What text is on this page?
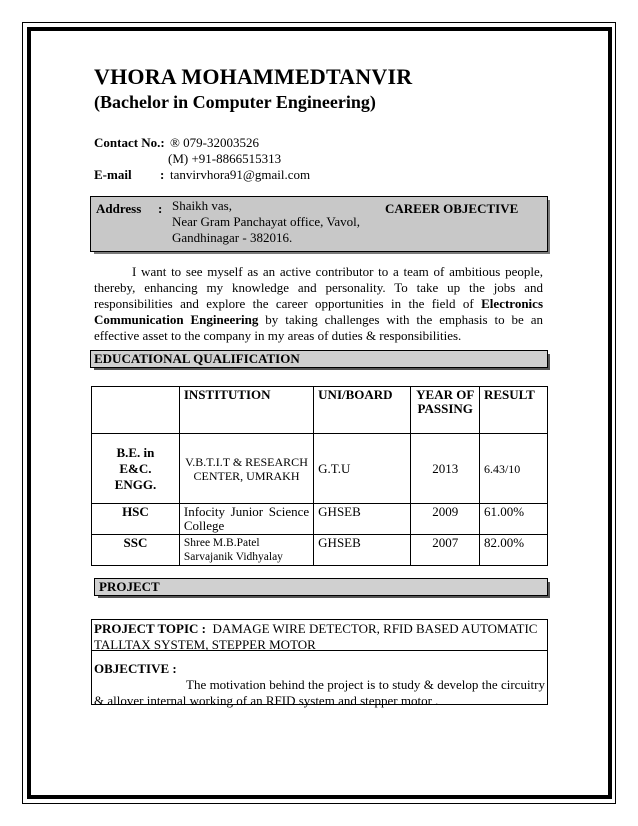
VHORA MOHAMMEDTANVIR
(Bachelor in Computer Engineering)
Contact No.: ® 079-32003526
(M) +91-8866515313
E-mail : tanvirvhora91@gmail.com
Address : Shaikh vas,
Near Gram Panchayat office, Vavol,
Gandhinagar - 382016.
CAREER OBJECTIVE
I want to see myself as an active contributor to a team of ambitious people, thereby, enhancing my knowledge and personality. To take up the jobs and responsibilities and explore the career opportunities in the field of Electronics Communication Engineering by taking challenges with the emphasis to be an effective asset to the company in my areas of duties & responsibilities.
EDUCATIONAL QUALIFICATION
	INSTITUTION	UNI/BOARD	YEAR OF PASSING	RESULT
B.E. in E&C. ENGG.	V.B.T.I.T & RESEARCH CENTER, UMRAKH	G.T.U	2013	6.43/10
HSC	Infocity Junior Science College	GHSEB	2009	61.00%
SSC	Shree M.B.Patel Sarvajanik Vidhyalay	GHSEB	2007	82.00%
PROJECT
PROJECT TOPIC : DAMAGE WIRE DETECTOR, RFID BASED AUTOMATIC TALLTAX SYSTEM, STEPPER MOTOR
OBJECTIVE :
The motivation behind the project is to study & develop the circuitry & allover internal working of an RFID system and stepper motor .
